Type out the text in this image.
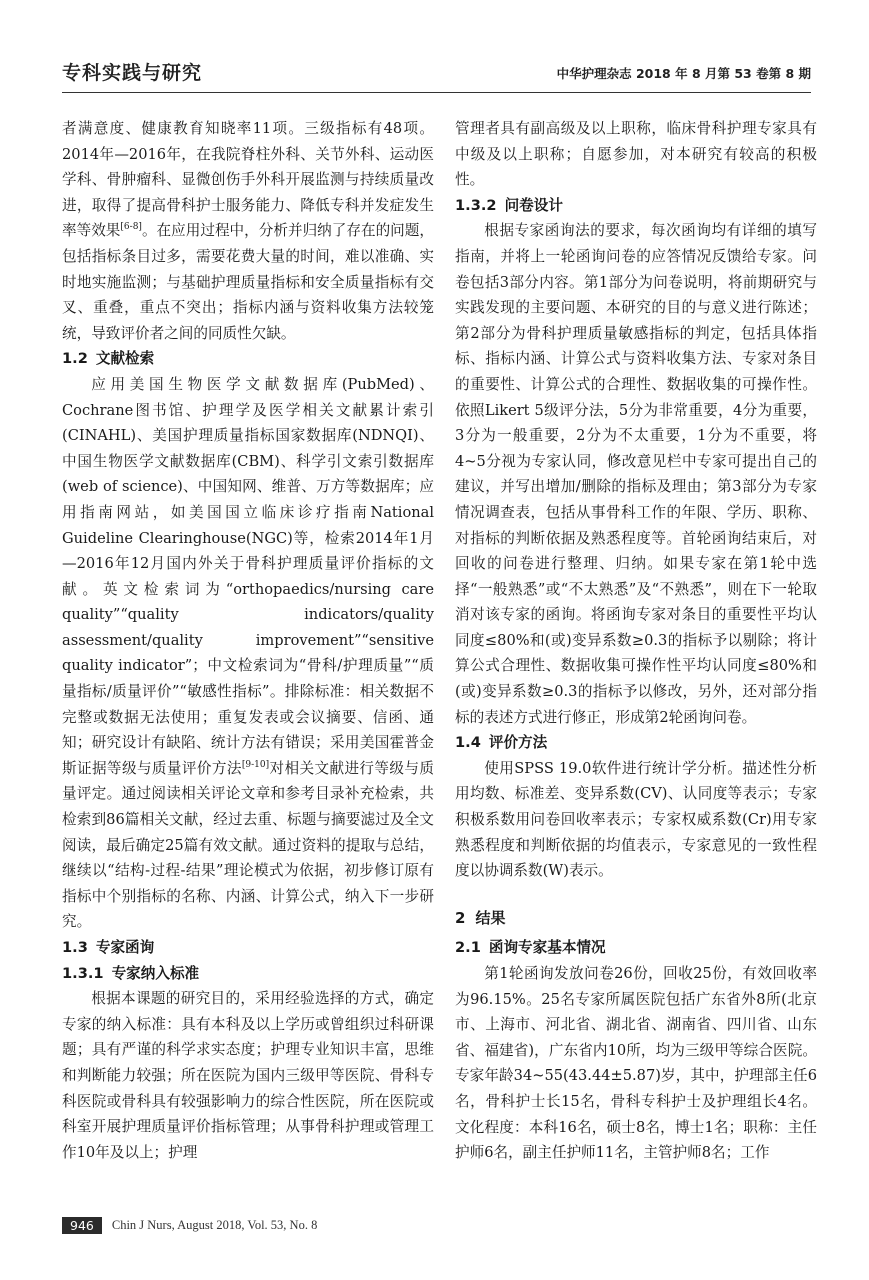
专科实践与研究	中华护理杂志 2018 年 8 月第 53 卷第 8 期

者满意度、健康教育知晓率11项。三级指标有48项。2014年—2016年，在我院脊柱外科、关节外科、运动医学科、骨肿瘤科、显微创伤手外科开展监测与持续质量改进，取得了提高骨科护士服务能力、降低专科并发症发生率等效果[6-8]。在应用过程中，分析并归纳了存在的问题，包括指标条目过多，需要花费大量的时间，难以准确、实时地实施监测；与基础护理质量指标和安全质量指标有交叉、重叠，重点不突出；指标内涵与资料收集方法较笼统，导致评价者之间的同质性欠缺。

1.2 文献检索

应用美国生物医学文献数据库(PubMed)、Cochrane图书馆、护理学及医学相关文献累计索引(CINAHL)、美国护理质量指标国家数据库(NDNQI)、中国生物医学文献数据库(CBM)、科学引文索引数据库(web of science)、中国知网、维普、万方等数据库；应用指南网站，如美国国立临床诊疗指南National Guideline Clearinghouse(NGC)等，检索2014年1月—2016年12月国内外关于骨科护理质量评价指标的文献。英文检索词为“orthopaedics/nursing care quality”“quality indicators/quality assessment/quality improvement”“sensitive quality indicator”；中文检索词为“骨科/护理质量”“质量指标/质量评价”“敏感性指标”。排除标准：相关数据不完整或数据无法使用；重复发表或会议摘要、信函、通知；研究设计有缺陷、统计方法有错误；采用美国霍普金斯证据等级与质量评价方法[9-10]对相关文献进行等级与质量评定。通过阅读相关评论文章和参考目录补充检索，共检索到86篇相关文献，经过去重、标题与摘要滤过及全文阅读，最后确定25篇有效文献。通过资料的提取与总结，继续以“结构-过程-结果”理论模式为依据，初步修订原有指标中个别指标的名称、内涵、计算公式，纳入下一步研究。

1.3 专家函询
1.3.1 专家纳入标准

根据本课题的研究目的，采用经验选择的方式，确定专家的纳入标准：具有本科及以上学历或曾组织过科研课题；具有严谨的科学求实态度；护理专业知识丰富，思维和判断能力较强；所在医院为国内三级甲等医院、骨科专科医院或骨科具有较强影响力的综合性医院，所在医院或科室开展护理质量评价指标管理；从事骨科护理或管理工作10年及以上；护理

管理者具有副高级及以上职称，临床骨科护理专家具有中级及以上职称；自愿参加，对本研究有较高的积极性。

1.3.2 问卷设计

根据专家函询法的要求，每次函询均有详细的填写指南，并将上一轮函询问卷的应答情况反馈给专家。问卷包括3部分内容。第1部分为问卷说明，将前期研究与实践发现的主要问题、本研究的目的与意义进行陈述；第2部分为骨科护理质量敏感指标的判定，包括具体指标、指标内涵、计算公式与资料收集方法、专家对条目的重要性、计算公式的合理性、数据收集的可操作性。依照Likert 5级评分法，5分为非常重要，4分为重要，3分为一般重要，2分为不太重要，1分为不重要，将4~5分视为专家认同，修改意见栏中专家可提出自己的建议，并写出增加/删除的指标及理由；第3部分为专家情况调查表，包括从事骨科工作的年限、学历、职称、对指标的判断依据及熟悉程度等。首轮函询结束后，对回收的问卷进行整理、归纳。如果专家在第1轮中选择“一般熟悉”或“不太熟悉”及“不熟悉”，则在下一轮取消对该专家的函询。将函询专家对条目的重要性平均认同度≤80%和(或)变异系数≥0.3的指标予以剔除；将计算公式合理性、数据收集可操作性平均认同度≤80%和(或)变异系数≥0.3的指标予以修改，另外，还对部分指标的表述方式进行修正，形成第2轮函询问卷。

1.4 评价方法

使用SPSS 19.0软件进行统计学分析。描述性分析用均数、标准差、变异系数(CV)、认同度等表示；专家积极系数用问卷回收率表示；专家权威系数(Cr)用专家熟悉程度和判断依据的均值表示，专家意见的一致性程度以协调系数(W)表示。

2 结果
2.1 函询专家基本情况

第1轮函询发放问卷26份，回收25份，有效回收率为96.15%。25名专家所属医院包括广东省外8所(北京市、上海市、河北省、湖北省、湖南省、四川省、山东省、福建省)，广东省内10所，均为三级甲等综合医院。专家年龄34~55(43.44±5.87)岁，其中，护理部主任6名，骨科护士长15名，骨科专科护士及护理组长4名。文化程度：本科16名，硕士8名，博士1名；职称：主任护师6名，副主任护师11名，主管护师8名；工作

946	Chin J Nurs, August 2018, Vol. 53, No. 8
